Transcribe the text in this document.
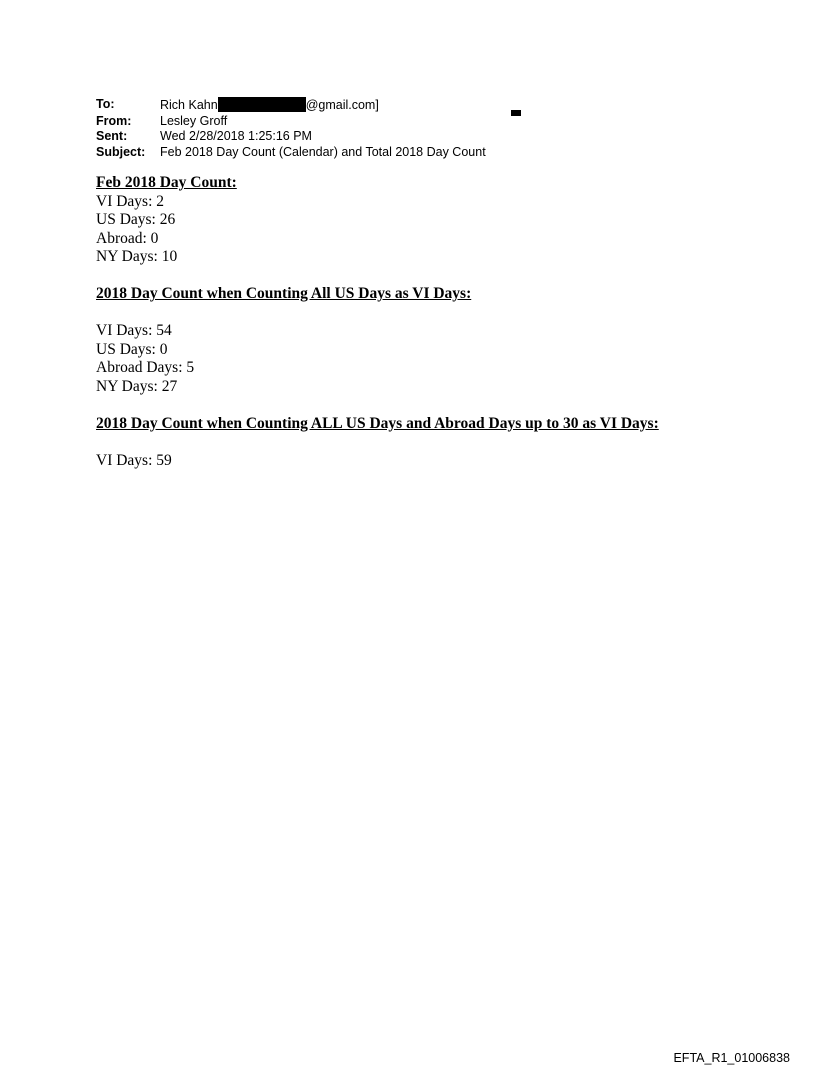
To:	Rich Kahn	@gmail.com]
From:	Lesley Groff
Sent:	Wed 2/28/2018 1:25:16 PM
Subject:	Feb 2018 Day Count (Calendar) and Total 2018 Day Count

Feb 2018 Day Count:

VI Days: 2

US Days: 26

Abroad: 0

NY Days: 10

2018 Day Count when Counting All US Days as VI Days:

VI Days: 54

US Days: 0

Abroad Days: 5

NY Days: 27

2018 Day Count when Counting ALL US Days and Abroad Days up to 30 as VI Days:

VI Days: 59

EFTA_R1_01006838
